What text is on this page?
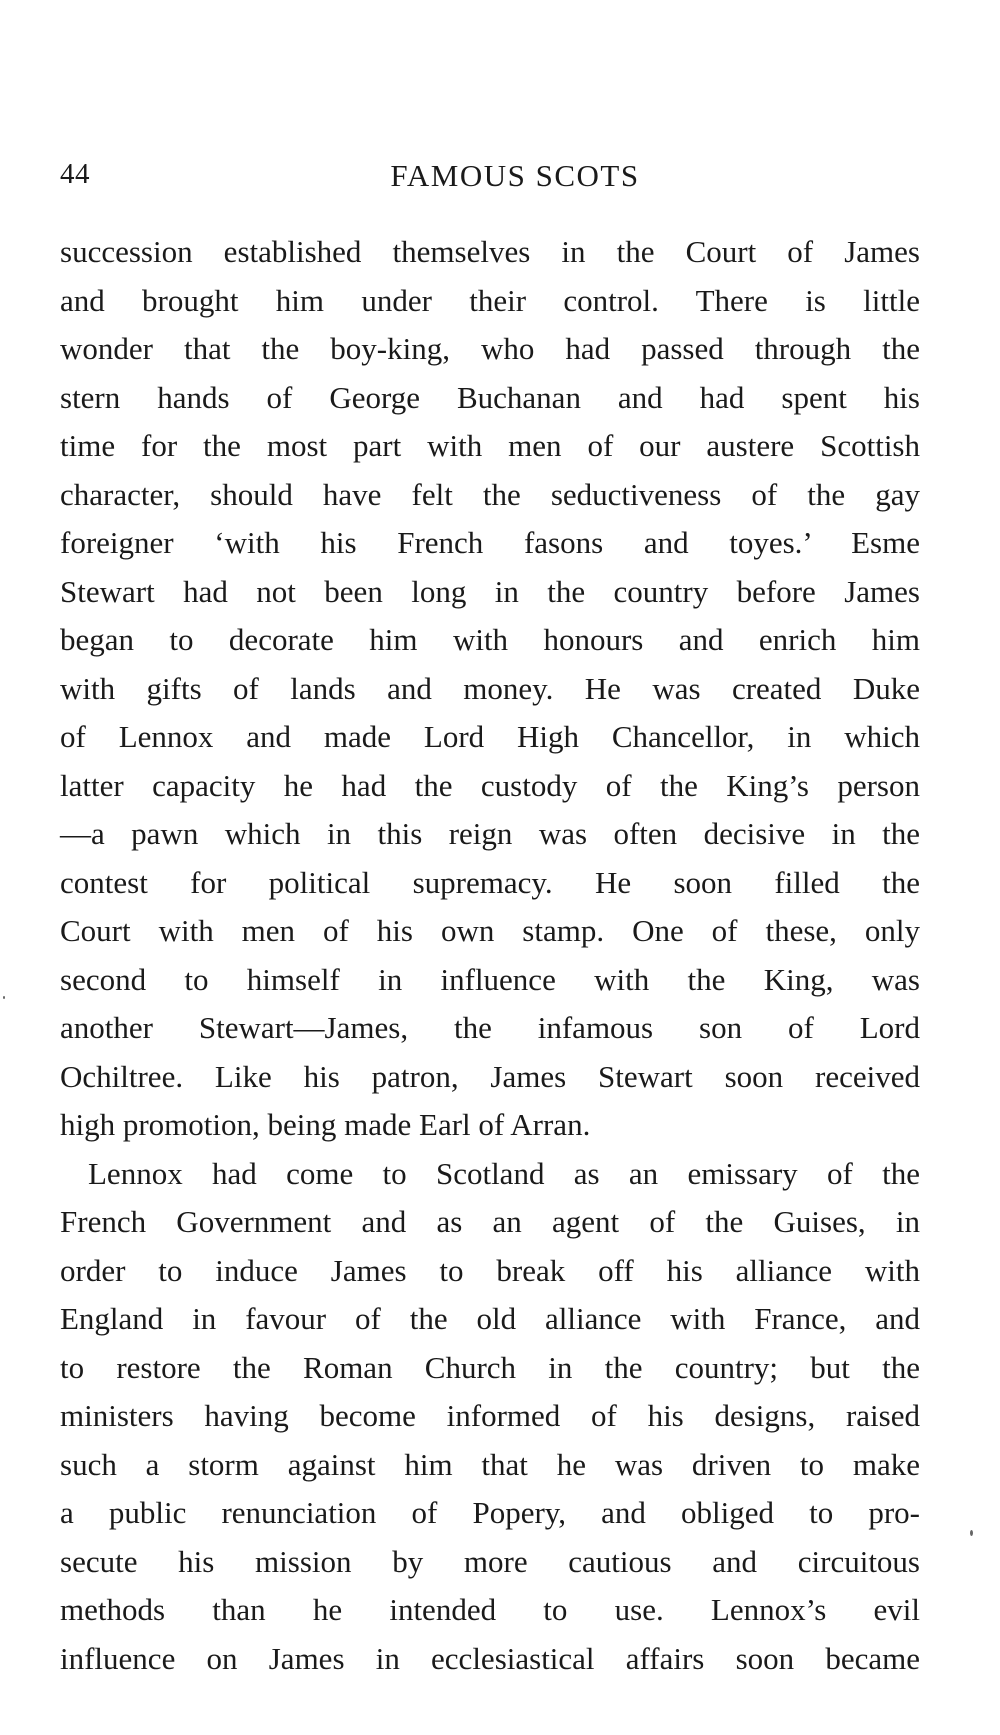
44	FAMOUS SCOTS
succession established themselves in the Court of James
and brought him under their control. There is little
wonder that the boy-king, who had passed through the
stern hands of George Buchanan and had spent his
time for the most part with men of our austere Scottish
character, should have felt the seductiveness of the gay
foreigner ‘with his French fasons and toyes.’ Esme
Stewart had not been long in the country before James
began to decorate him with honours and enrich him
with gifts of lands and money. He was created Duke
of Lennox and made Lord High Chancellor, in which
latter capacity he had the custody of the King’s person
—a pawn which in this reign was often decisive in the
contest for political supremacy. He soon filled the
Court with men of his own stamp. One of these, only
second to himself in influence with the King, was
another Stewart—James, the infamous son of Lord
Ochiltree. Like his patron, James Stewart soon received
high promotion, being made Earl of Arran.
Lennox had come to Scotland as an emissary of the
French Government and as an agent of the Guises, in
order to induce James to break off his alliance with
England in favour of the old alliance with France, and
to restore the Roman Church in the country; but the
ministers having become informed of his designs, raised
such a storm against him that he was driven to make
a public renunciation of Popery, and obliged to pro-
secute his mission by more cautious and circuitous
methods than he intended to use. Lennox’s evil
influence on James in ecclesiastical affairs soon became
